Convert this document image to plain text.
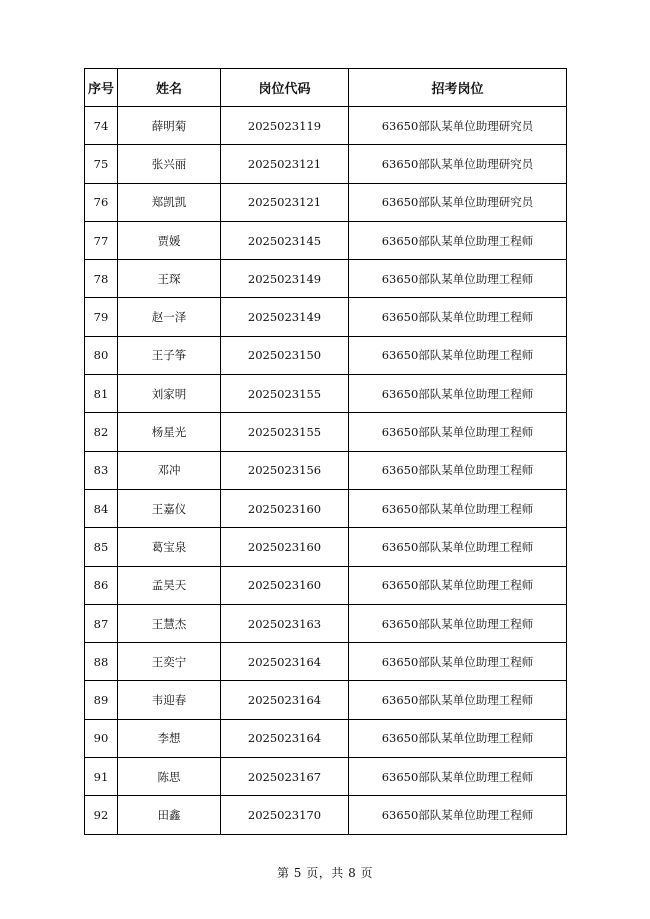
序号	姓名	岗位代码	招考岗位
74	薛明菊	2025023119	63650部队某单位助理研究员
75	张兴丽	2025023121	63650部队某单位助理研究员
76	郑凯凯	2025023121	63650部队某单位助理研究员
77	贾媛	2025023145	63650部队某单位助理工程师
78	王琛	2025023149	63650部队某单位助理工程师
79	赵一泽	2025023149	63650部队某单位助理工程师
80	王子筝	2025023150	63650部队某单位助理工程师
81	刘家明	2025023155	63650部队某单位助理工程师
82	杨星光	2025023155	63650部队某单位助理工程师
83	邓冲	2025023156	63650部队某单位助理工程师
84	王嘉仪	2025023160	63650部队某单位助理工程师
85	葛宝泉	2025023160	63650部队某单位助理工程师
86	孟昊天	2025023160	63650部队某单位助理工程师
87	王慧杰	2025023163	63650部队某单位助理工程师
88	王奕宁	2025023164	63650部队某单位助理工程师
89	韦迎春	2025023164	63650部队某单位助理工程师
90	李想	2025023164	63650部队某单位助理工程师
91	陈思	2025023167	63650部队某单位助理工程师
92	田鑫	2025023170	63650部队某单位助理工程师
第 5 页，共 8 页
